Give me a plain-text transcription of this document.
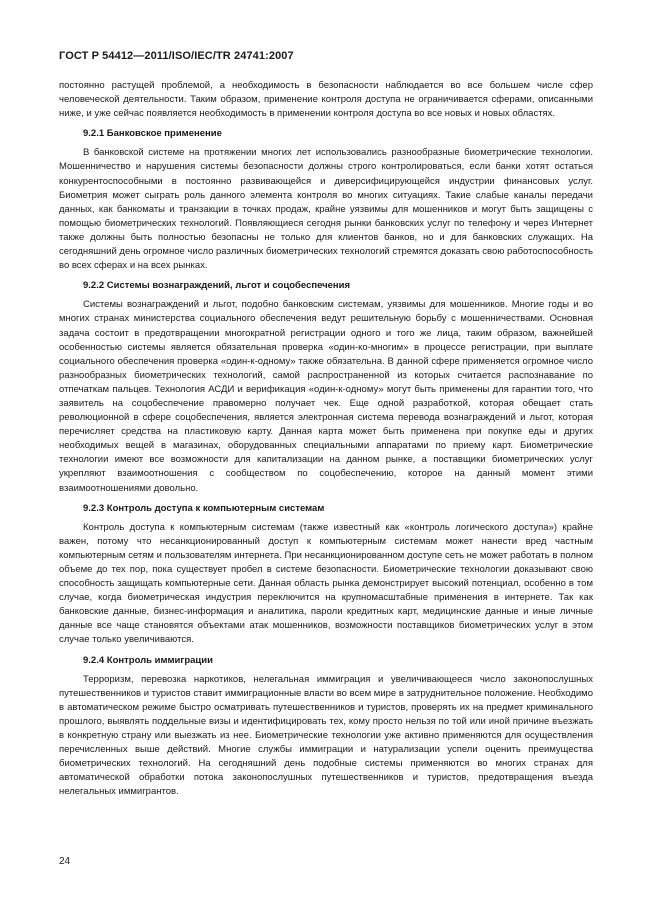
ГОСТ Р 54412—2011/ISO/IEC/TR 24741:2007

постоянно растущей проблемой, а необходимость в безопасности наблюдается во все большем числе сфер человеческой деятельности. Таким образом, применение контроля доступа не ограничивается сферами, описанными ниже, и уже сейчас появляется необходимость в применении контроля доступа во все новых и новых областях.

9.2.1 Банковское применение

В банковской системе на протяжении многих лет использовались разнообразные биометрические технологии. Мошенничество и нарушения системы безопасности должны строго контролироваться, если банки хотят остаться конкурентоспособными в постоянно развивающейся и диверсифицирующейся индустрии финансовых услуг. Биометрия может сыграть роль данного элемента контроля во многих ситуациях. Такие слабые каналы передачи данных, как банкоматы и транзакции в точках продаж, крайне уязвимы для мошенников и могут быть защищены с помощью биометрических технологий. Появляющиеся сегодня рынки банковских услуг по телефону и через Интернет также должны быть полностью безопасны не только для клиентов банков, но и для банковских служащих. На сегодняшний день огромное число различных биометрических технологий стремятся доказать свою работоспособность во всех сферах и на всех рынках.

9.2.2 Системы вознаграждений, льгот и соцобеспечения

Системы вознаграждений и льгот, подобно банковским системам, уязвимы для мошенников. Многие годы и во многих странах министерства социального обеспечения ведут решительную борьбу с мошенничествами. Основная задача состоит в предотвращении многократной регистрации одного и того же лица, таким образом, важнейшей особенностью системы является обязательная проверка «один-ко-многим» в процессе регистрации, при выплате социального обеспечения проверка «один-к-одному» также обязательна. В данной сфере применяется огромное число разнообразных биометрических технологий, самой распространенной из которых считается распознавание по отпечаткам пальцев. Технология АСДИ и верификация «один-к-одному» могут быть применены для гарантии того, что заявитель на соцобеспечение правомерно получает чек. Еще одной разработкой, которая обещает стать революционной в сфере соцобеспечения, является электронная система перевода вознаграждений и льгот, которая перечисляет средства на пластиковую карту. Данная карта может быть применена при покупке еды и других необходимых вещей в магазинах, оборудованных специальными аппаратами по приему карт. Биометрические технологии имеют все возможности для капитализации на данном рынке, а поставщики биометрических услуг укрепляют взаимоотношения с сообществом по соцобеспечению, которое на данный момент этими взаимоотношениями довольно.

9.2.3 Контроль доступа к компьютерным системам

Контроль доступа к компьютерным системам (также известный как «контроль логического доступа») крайне важен, потому что несанкционированный доступ к компьютерным системам может нанести вред частным компьютерным сетям и пользователям интернета. При несанкционированном доступе сеть не может работать в полном объеме до тех пор, пока существует пробел в системе безопасности. Биометрические технологии доказывают свою способность защищать компьютерные сети. Данная область рынка демонстрирует высокий потенциал, особенно в том случае, когда биометрическая индустрия переключится на крупномасштабные применения в интернете. Так как банковские данные, бизнес-информация и аналитика, пароли кредитных карт, медицинские данные и иные личные данные все чаще становятся объектами атак мошенников, возможности поставщиков биометрических услуг в этом случае только увеличиваются.

9.2.4 Контроль иммиграции

Терроризм, перевозка наркотиков, нелегальная иммиграция и увеличивающееся число законопослушных путешественников и туристов ставит иммиграционные власти во всем мире в затруднительное положение. Необходимо в автоматическом режиме быстро осматривать путешественников и туристов, проверять их на предмет криминального прошлого, выявлять поддельные визы и идентифицировать тех, кому просто нельзя по той или иной причине въезжать в конкретную страну или выезжать из нее. Биометрические технологии уже активно применяются для осуществления перечисленных выше действий. Многие службы иммиграции и натурализации успели оценить преимущества биометрических технологий. На сегодняшний день подобные системы применяются во многих странах для автоматической обработки потока законопослушных путешественников и туристов, предотвращения въезда нелегальных иммигрантов.

24
